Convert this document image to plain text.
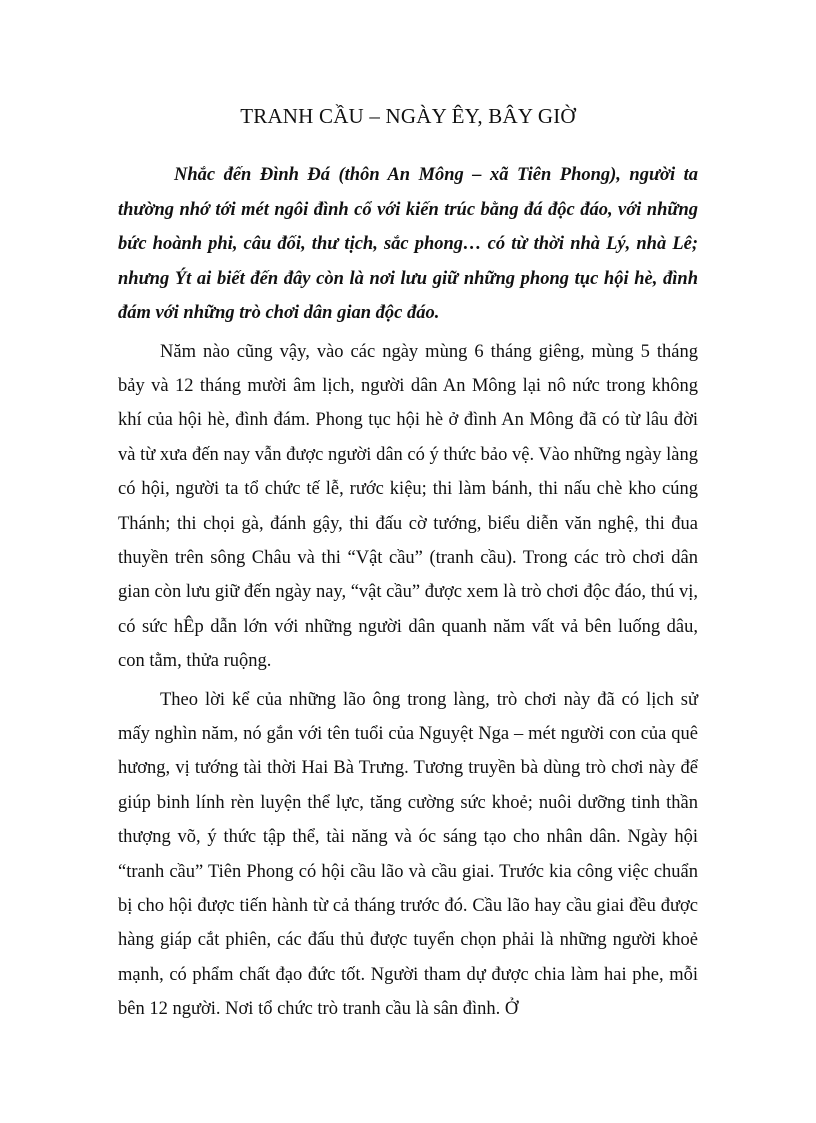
TRANH CẦU – NGÀY ÊY, BÂY GIỜ

Nhắc đến Đình Đá (thôn An Mông – xã Tiên Phong), người ta thường nhớ tới mét ngôi đình cổ với kiến trúc bằng đá độc đáo, với những bức hoành phi, câu đối, thư tịch, sắc phong… có từ thời nhà Lý, nhà Lê; nhưng Ýt ai biết đến đây còn là nơi lưu giữ những phong tục hội hè, đình đám với những trò chơi dân gian độc đáo.

Năm nào cũng vậy, vào các ngày mùng 6 tháng giêng, mùng 5 tháng bảy và 12 tháng mười âm lịch, người dân An Mông lại nô nức trong không khí của hội hè, đình đám. Phong tục hội hè ở đình An Mông đã có từ lâu đời và từ xưa đến nay vẫn được người dân có ý thức bảo vệ. Vào những ngày làng có hội, người ta tổ chức tế lễ, rước kiệu; thi làm bánh, thi nấu chè kho cúng Thánh; thi chọi gà, đánh gậy, thi đấu cờ tướng, biểu diễn văn nghệ, thi đua thuyền trên sông Châu và thi “Vật cầu” (tranh cầu). Trong các trò chơi dân gian còn lưu giữ đến ngày nay, “vật cầu” được xem là trò chơi độc đáo, thú vị, có sức hÊp dẫn lớn với những người dân quanh năm vất vả bên luống dâu, con tằm, thửa ruộng.

Theo lời kể của những lão ông trong làng, trò chơi này đã có lịch sử mấy nghìn năm, nó gắn với tên tuổi của Nguyệt Nga – mét người con của quê hương, vị tướng tài thời Hai Bà Trưng. Tương truyền bà dùng trò chơi này để giúp binh lính rèn luyện thể lực, tăng cường sức khoẻ; nuôi dưỡng tinh thần thượng võ, ý thức tập thể, tài năng và óc sáng tạo cho nhân dân. Ngày hội “tranh cầu” Tiên Phong có hội cầu lão và cầu giai. Trước kia công việc chuẩn bị cho hội được tiến hành từ cả tháng trước đó. Cầu lão hay cầu giai đều được hàng giáp cắt phiên, các đấu thủ được tuyển chọn phải là những người khoẻ mạnh, có phẩm chất đạo đức tốt. Người tham dự được chia làm hai phe, mỗi bên 12 người. Nơi tổ chức trò tranh cầu là sân đình. Ở
